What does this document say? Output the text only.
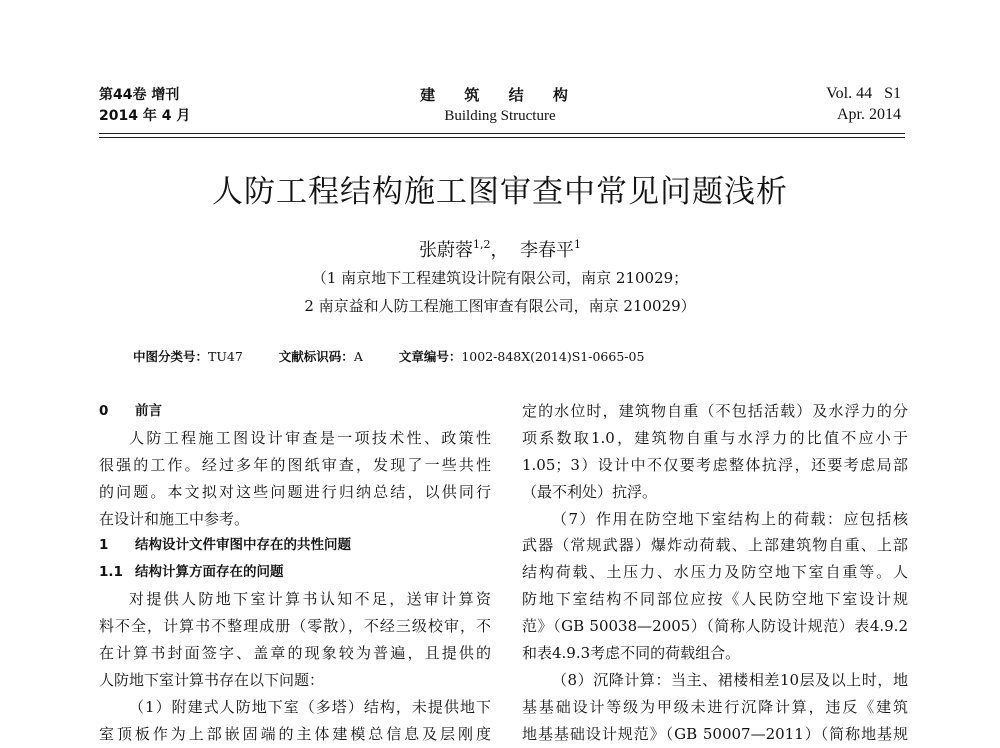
第44卷 增刊
2014 年 4 月
建 筑 结 构
Building Structure
Vol. 44   S1
Apr. 2014
人防工程结构施工图审查中常见问题浅析
张蔚蓉$^{1,2}$， 李春平$^1$
（1 南京地下工程建筑设计院有限公司，南京 210029；
2 南京益和人防工程施工图审查有限公司，南京 210029）
中图分类号：TU47	文献标识码：A	文章编号：1002-848X(2014)S1-0665-05
0 前言
人防工程施工图设计审查是一项技术性、政策性
很强的工作。经过多年的图纸审查，发现了一些共性
的问题。本文拟对这些问题进行归纳总结，以供同行
在设计和施工中参考。
1 结构设计文件审图中存在的共性问题
1.1 结构计算方面存在的问题
对提供人防地下室计算书认知不足，送审计算资
料不全，计算书不整理成册（零散），不经三级校审，不
在计算书封面签字、盖章的现象较为普遍，且提供的
人防地下室计算书存在以下问题：
（1）附建式人防地下室（多塔）结构，未提供地下
室顶板作为上部嵌固端的主体建模总信息及层刚度
定的水位时，建筑物自重（不包括活载）及水浮力的分
项系数取1.0，建筑物自重与水浮力的比值不应小于
1.05；3）设计中不仅要考虑整体抗浮，还要考虑局部
（最不利处）抗浮。
（7）作用在防空地下室结构上的荷载：应包括核
武器（常规武器）爆炸动荷载、上部建筑物自重、上部
结构荷载、土压力、水压力及防空地下室自重等。人
防地下室结构不同部位应按《人民防空地下室设计规
范》（GB 50038—2005）（简称人防设计规范）表4.9.2
和表4.9.3考虑不同的荷载组合。
（8）沉降计算：当主、裙楼相差10层及以上时，地
基基础设计等级为甲级未进行沉降计算，违反《建筑
地基基础设计规范》（GB 50007—2011）（简称地基规
